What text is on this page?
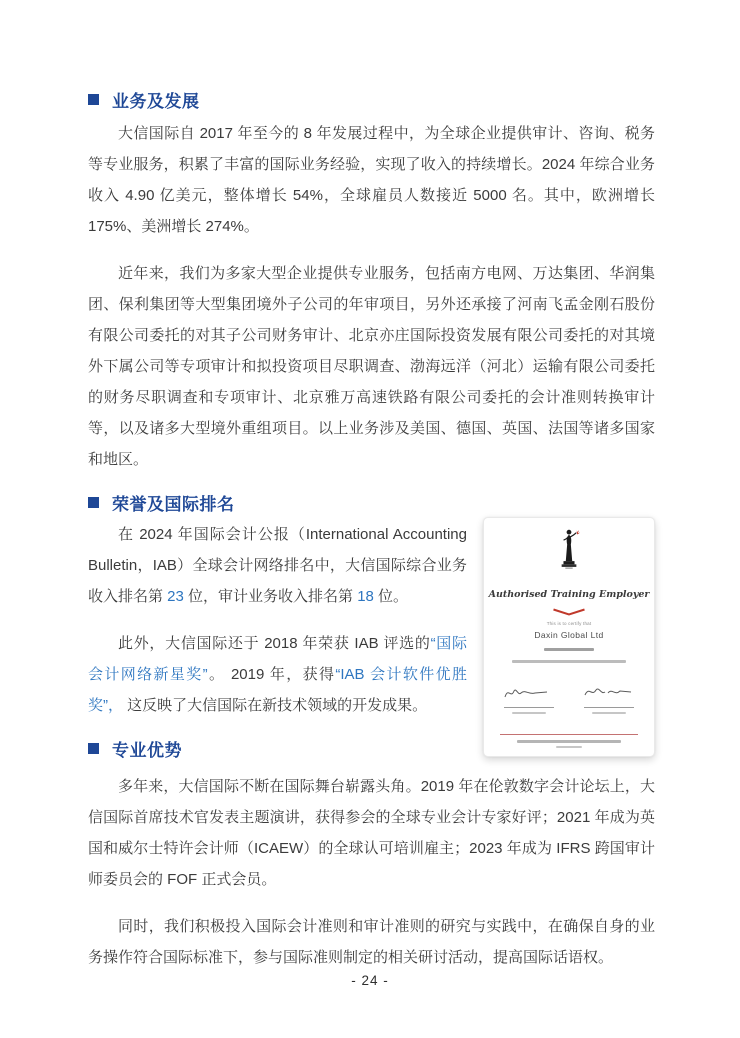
业务及发展

大信国际自 2017 年至今的 8 年发展过程中，为全球企业提供审计、咨询、税务等专业服务，积累了丰富的国际业务经验，实现了收入的持续增长。2024 年综合业务收入 4.90 亿美元，整体增长 54%，全球雇员人数接近 5000 名。其中，欧洲增长 175%、美洲增长 274%。

近年来，我们为多家大型企业提供专业服务，包括南方电网、万达集团、华润集团、保利集团等大型集团境外子公司的年审项目，另外还承接了河南飞孟金刚石股份有限公司委托的对其子公司财务审计、北京亦庄国际投资发展有限公司委托的对其境外下属公司等专项审计和拟投资项目尽职调查、渤海远洋（河北）运输有限公司委托的财务尽职调查和专项审计、北京雅万高速铁路有限公司委托的会计准则转换审计等，以及诸多大型境外重组项目。以上业务涉及美国、德国、英国、法国等诸多国家和地区。

荣誉及国际排名
Authorised Training Employer
This is to certify that
Daxin Global Ltd

在 2024 年国际会计公报（International Accounting Bulletin，IAB）全球会计网络排名中，大信国际综合业务收入排名第 23 位，审计业务收入排名第 18 位。

此外，大信国际还于 2018 年荣获 IAB 评选的“国际会计网络新星奖”。 2019 年，获得“IAB 会计软件优胜奖”， 这反映了大信国际在新技术领域的开发成果。

专业优势

多年来，大信国际不断在国际舞台崭露头角。2019 年在伦敦数字会计论坛上，大信国际首席技术官发表主题演讲，获得参会的全球专业会计专家好评；2021 年成为英国和威尔士特许会计师（ICAEW）的全球认可培训雇主；2023 年成为 IFRS 跨国审计师委员会的 FOF 正式会员。

同时，我们积极投入国际会计准则和审计准则的研究与实践中，在确保自身的业务操作符合国际标准下，参与国际准则制定的相关研讨活动，提高国际话语权。

- 24 -
